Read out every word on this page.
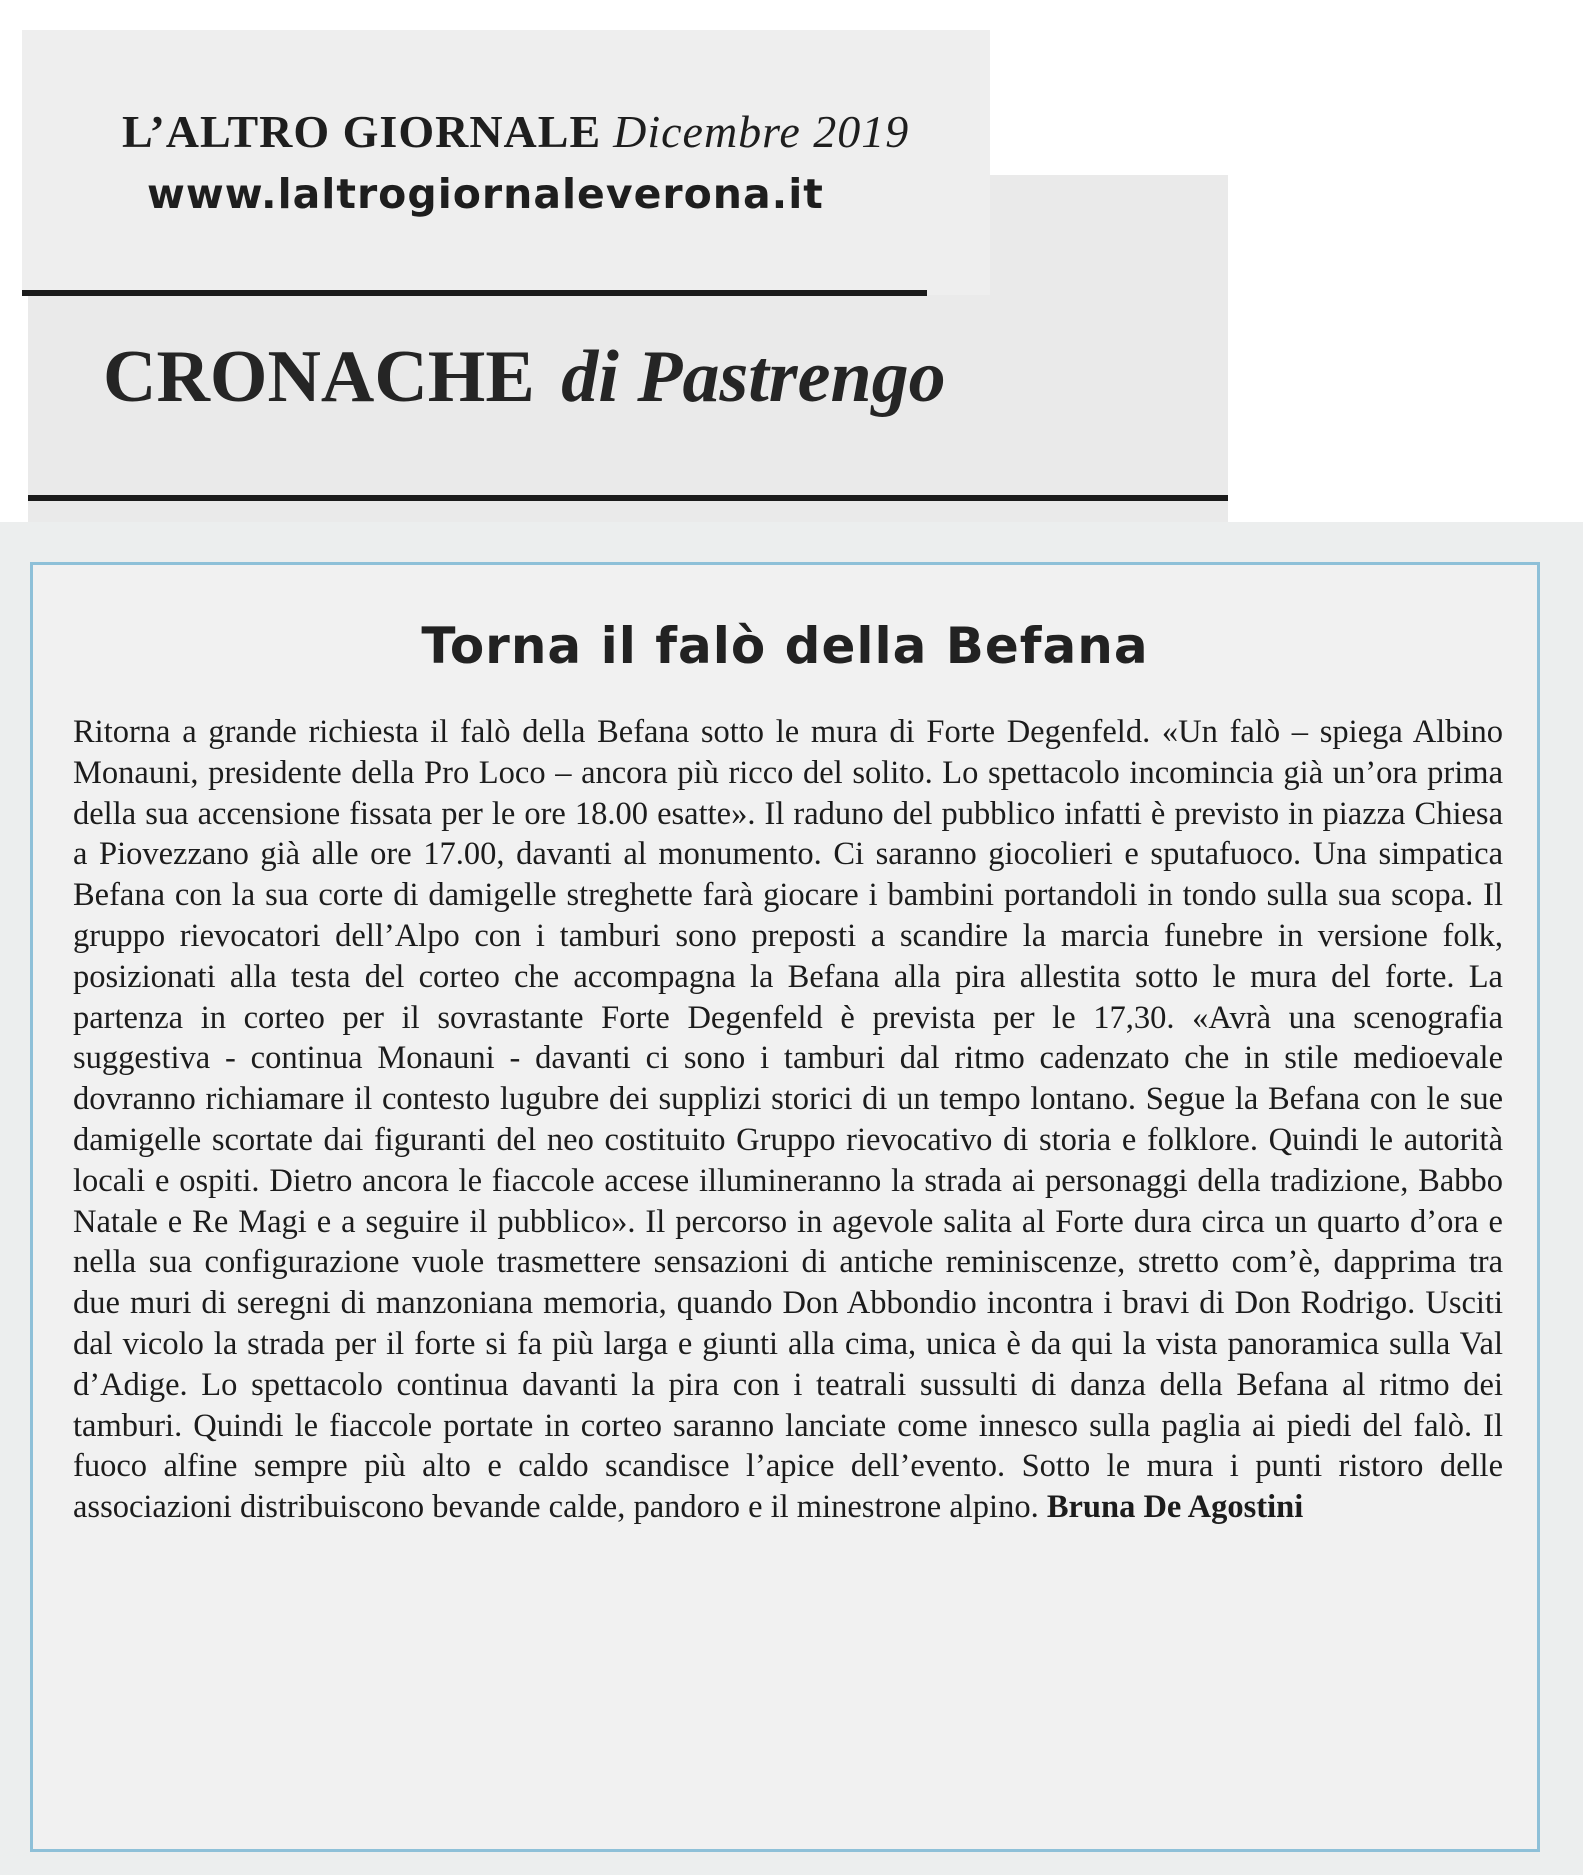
CRONACHE di Pastrengo
L’ALTRO GIORNALE Dicembre 2019
www.laltrogiornaleverona.it
Torna il falò della Befana

Ritorna a grande richiesta il falò della Befana sotto le mura di Forte Degenfeld. «Un falò – spiega Albino Monauni, presidente della Pro Loco – ancora più ricco del solito. Lo spettacolo incomincia già un’ora prima della sua accensione fissata per le ore 18.00 esatte». Il raduno del pubblico infatti è previsto in piazza Chiesa a Piovezzano già alle ore 17.00, davanti al monumento. Ci saranno giocolieri e sputafuoco. Una simpatica Befana con la sua corte di damigelle streghette farà giocare i bambini portandoli in tondo sulla sua scopa. Il gruppo rievocatori dell’Alpo con i tamburi sono preposti a scandire la marcia funebre in versione folk, posizionati alla testa del corteo che accompagna la Befana alla pira allestita sotto le mura del forte. La partenza in corteo per il sovrastante Forte Degenfeld è prevista per le 17,30. «Avrà una scenografia suggestiva - continua Monauni - davanti ci sono i tamburi dal ritmo cadenzato che in stile medioevale dovranno richiamare il contesto lugubre dei supplizi storici di un tempo lontano. Segue la Befana con le sue damigelle scortate dai figuranti del neo costituito Gruppo rievocativo di storia e folklore. Quindi le autorità locali e ospiti. Dietro ancora le fiaccole accese illumineranno la strada ai personaggi della tradizione, Babbo Natale e Re Magi e a seguire il pubblico». Il percorso in agevole salita al Forte dura circa un quarto d’ora e nella sua configurazione vuole trasmettere sensazioni di antiche reminiscenze, stretto com’è, dapprima tra due muri di seregni di manzoniana memoria, quando Don Abbondio incontra i bravi di Don Rodrigo. Usciti dal vicolo la strada per il forte si fa più larga e giunti alla cima, unica è da qui la vista panoramica sulla Val d’Adige. Lo spettacolo continua davanti la pira con i teatrali sussulti di danza della Befana al ritmo dei tamburi. Quindi le fiaccole portate in corteo saranno lanciate come innesco sulla paglia ai piedi del falò. Il fuoco alfine sempre più alto e caldo scandisce l’apice dell’evento. Sotto le mura i punti ristoro delle associazioni distribuiscono bevande calde, pandoro e il minestrone alpino. Bruna De Agostini
